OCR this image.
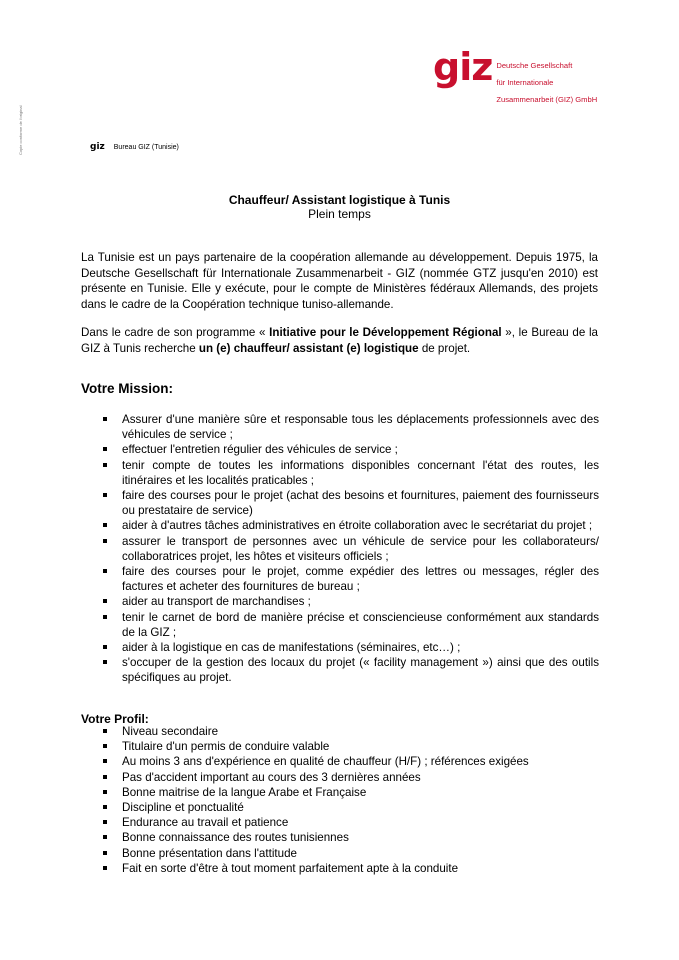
Copie conforme de l'original
giz Deutsche Gesellschaft

für Internationale

Zusammenarbeit (GIZ) GmbH

giz Bureau GIZ (Tunisie)
Chauffeur/ Assistant logistique à Tunis
Plein temps

La Tunisie est un pays partenaire de la coopération allemande au développement. Depuis 1975, la Deutsche Gesellschaft für Internationale Zusammenarbeit - GIZ (nommée GTZ jusqu'en 2010) est présente en Tunisie. Elle y exécute, pour le compte de Ministères fédéraux Allemands, des projets dans le cadre de la Coopération technique tuniso-allemande.

Dans le cadre de son programme « Initiative pour le Développement Régional », le Bureau de la GIZ à Tunis recherche un (e) chauffeur/ assistant (e) logistique de projet.

Votre Mission:
Assurer d'une manière sûre et responsable tous les déplacements professionnels avec des véhicules de service ;
effectuer l'entretien régulier des véhicules de service ;
tenir compte de toutes les informations disponibles concernant l'état des routes, les itinéraires et les localités praticables ;
faire des courses pour le projet (achat des besoins et fournitures, paiement des fournisseurs ou prestataire de service)
aider à d'autres tâches administratives en étroite collaboration avec le secrétariat du projet ;
assurer le transport de personnes avec un véhicule de service pour les collaborateurs/ collaboratrices projet, les hôtes et visiteurs officiels ;
faire des courses pour le projet, comme expédier des lettres ou messages, régler des factures et acheter des fournitures de bureau ;
aider au transport de marchandises ;
tenir le carnet de bord de manière précise et consciencieuse conformément aux standards de la GIZ ;
aider à la logistique en cas de manifestations (séminaires, etc…) ;
s'occuper de la gestion des locaux du projet (« facility management ») ainsi que des outils spécifiques au projet.
Votre Profil:
Niveau secondaire
Titulaire d'un permis de conduire valable
Au moins 3 ans d'expérience en qualité de chauffeur (H/F) ; références exigées
Pas d'accident important au cours des 3 dernières années
Bonne maitrise de la langue Arabe et Française
Discipline et ponctualité
Endurance au travail et patience
Bonne connaissance des routes tunisiennes
Bonne présentation dans l'attitude
Fait en sorte d'être à tout moment parfaitement apte à la conduite
